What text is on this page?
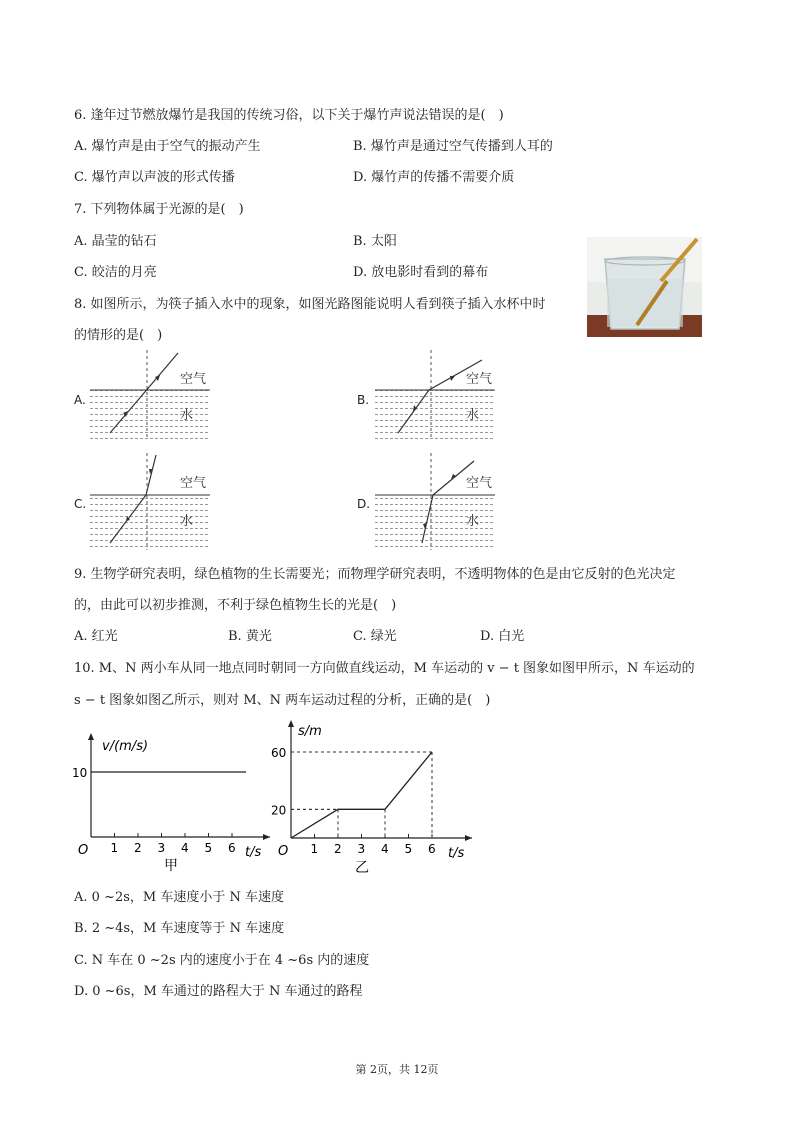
6. 逢年过节燃放爆竹是我国的传统习俗，以下关于爆竹声说法错误的是(　)
A. 爆竹声是由于空气的振动产生	B. 爆竹声是通过空气传播到人耳的
C. 爆竹声以声波的形式传播	D. 爆竹声的传播不需要介质
7. 下列物体属于光源的是(　)
A. 晶莹的钻石	B. 太阳
C. 皎洁的月亮	D. 放电影时看到的幕布
8. 如图所示，为筷子插入水中的现象，如图光路图能说明人看到筷子插入水杯中时
的情形的是(　)
空气
水
A.
空气
水
B.
空气
水
C.
空气
水
D.
9. 生物学研究表明，绿色植物的生长需要光；而物理学研究表明，不透明物体的色是由它反射的色光决定
的，由此可以初步推测，不利于绿色植物生长的光是(　)
A. 红光	B. 黄光	C. 绿光	D. 白光
10. M、N 两小车从同一地点同时朝同一方向做直线运动，M 车运动的 v − t 图象如图甲所示，N 车运动的
s − t 图象如图乙所示，则对 M、N 两车运动过程的分析，正确的是(　)
O
v/(m/s)
t/s
甲
1 2 3 4 5 6
10
O
s/m
t/s
乙
1 2 3 4 5 6
20
60
A. 0 ~2s，M 车速度小于 N 车速度
B. 2 ~4s，M 车速度等于 N 车速度
C. N 车在 0 ~2s 内的速度小于在 4 ~6s 内的速度
D. 0 ~6s，M 车通过的路程大于 N 车通过的路程
第 2页，共 12页
